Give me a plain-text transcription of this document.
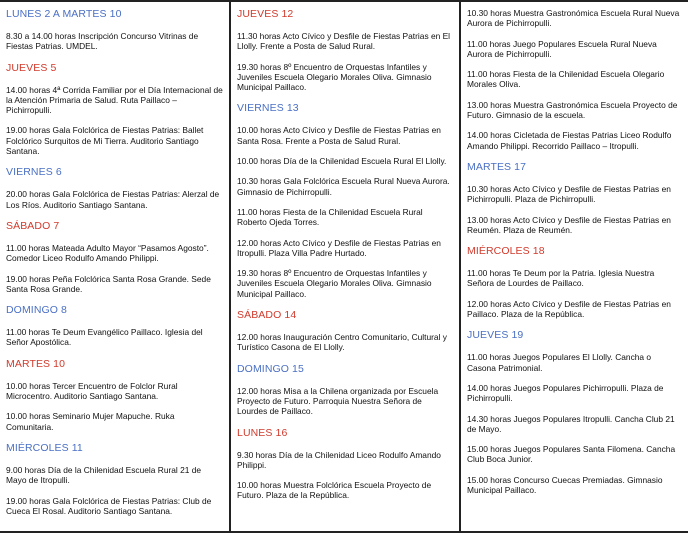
LUNES 2 A MARTES 10
8.30 a 14.00 horas Inscripción Concurso Vitrinas de Fiestas Patrias. UMDEL.
JUEVES 5
14.00 horas 4ª Corrida Familiar por el Día Internacional de la Atención Primaria de Salud. Ruta Paillaco – Pichirropulli.
19.00 horas Gala Folclórica de Fiestas Patrias: Ballet Folclórico Surquitos de Mi Tierra. Auditorio Santiago Santana.
VIERNES 6
20.00 horas Gala Folclórica de Fiestas Patrias: Alerzal de Los Ríos. Auditorio Santiago Santana.
SÁBADO 7
11.00 horas Mateada Adulto Mayor “Pasamos Agosto”. Comedor Liceo Rodulfo Amando Philippi.
19.00 horas Peña Folclórica Santa Rosa Grande. Sede Santa Rosa Grande.
DOMINGO 8
11.00 horas Te Deum Evangélico Paillaco. Iglesia del Señor Apostólica.
MARTES 10
10.00 horas Tercer Encuentro de Folclor Rural Microcentro. Auditorio Santiago Santana.
10.00 horas Seminario Mujer Mapuche. Ruka Comunitaria.
MIÉRCOLES 11
9.00 horas Día de la Chilenidad Escuela Rural 21 de Mayo de Itropulli.
19.00 horas Gala Folclórica de Fiestas Patrias: Club de Cueca El Rosal. Auditorio Santiago Santana.
JUEVES 12
11.30 horas Acto Cívico y Desfile de Fiestas Patrias en El Llolly. Frente a Posta de Salud Rural.
19.30 horas 8º Encuentro de Orquestas Infantiles y Juveniles Escuela Olegario Morales Oliva. Gimnasio Municipal Paillaco.
VIERNES 13
10.00 horas Acto Cívico y Desfile de Fiestas Patrias en Santa Rosa. Frente a Posta de Salud Rural.
10.00 horas Día de la Chilenidad Escuela Rural El Llolly.
10.30 horas Gala Folclórica Escuela Rural Nueva Aurora. Gimnasio de Pichirropulli.
11.00 horas Fiesta de la Chilenidad Escuela Rural Roberto Ojeda Torres.
12.00 horas Acto Cívico y Desfile de Fiestas Patrias en Itropulli. Plaza Villa Padre Hurtado.
19.30 horas 8º Encuentro de Orquestas Infantiles y Juveniles Escuela Olegario Morales Oliva. Gimnasio Municipal Paillaco.
SÁBADO 14
12.00 horas Inauguración Centro Comunitario, Cultural y Turístico Casona de El Llolly.
DOMINGO 15
12.00 horas Misa a la Chilena organizada por Escuela Proyecto de Futuro. Parroquia Nuestra Señora de Lourdes de Paillaco.
LUNES 16
9.30 horas Día de la Chilenidad Liceo Rodulfo Amando Philippi.
10.00 horas Muestra Folclórica Escuela Proyecto de Futuro. Plaza de la República.
10.30 horas Muestra Gastronómica Escuela Rural Nueva Aurora de Pichirropulli.
11.00 horas Juego Populares Escuela Rural Nueva Aurora de Pichirropulli.
11.00 horas Fiesta de la Chilenidad Escuela Olegario Morales Oliva.
13.00 horas Muestra Gastronómica Escuela Proyecto de Futuro. Gimnasio de la escuela.
14.00 horas Cicletada de Fiestas Patrias Liceo Rodulfo Amando Philippi. Recorrido Paillaco – Itropulli.
MARTES 17
10.30 horas Acto Cívico y Desfile de Fiestas Patrias en Pichirropulli. Plaza de Pichirropulli.
13.00 horas Acto Cívico y Desfile de Fiestas Patrias en Reumén. Plaza de Reumén.
MIÉRCOLES 18
11.00 horas Te Deum por la Patria. Iglesia Nuestra Señora de Lourdes de Paillaco.
12.00 horas Acto Cívico y Desfile de Fiestas Patrias en Paillaco. Plaza de la República.
JUEVES 19
11.00 horas Juegos Populares El Llolly. Cancha o Casona Patrimonial.
14.00 horas Juegos Populares Pichirropulli. Plaza de Pichirropulli.
14.30 horas Juegos Populares Itropulli. Cancha Club 21 de Mayo.
15.00 horas Juegos Populares Santa Filomena. Cancha Club Boca Junior.
15.00 horas Concurso Cuecas Premiadas. Gimnasio Municipal Paillaco.
